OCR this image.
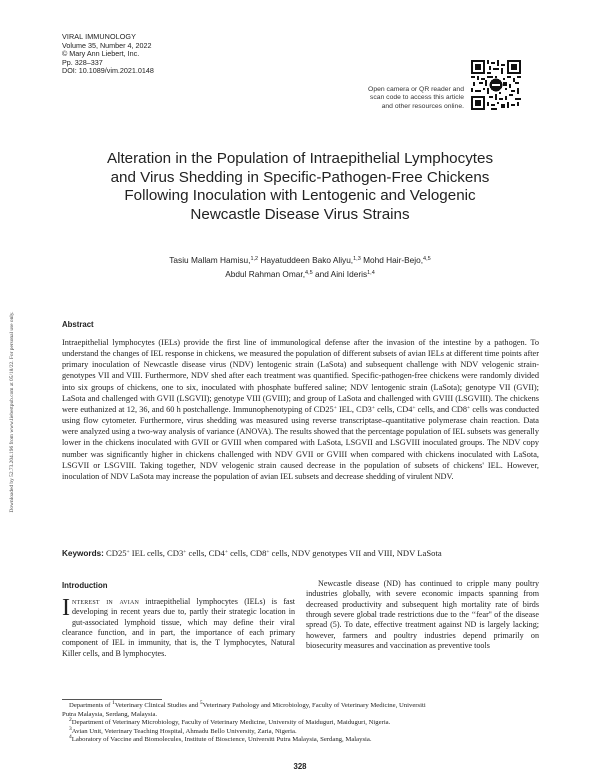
VIRAL IMMUNOLOGY
Volume 35, Number 4, 2022
© Mary Ann Liebert, Inc.
Pp. 328–337
DOI: 10.1089/vim.2021.0148
Open camera or QR reader and
scan code to access this article
and other resources online.
Downloaded by 52.73.204.196 from www.liebertpub.com at 05/18/22. For personal use only.
Alteration in the Population of Intraepithelial Lymphocytes
and Virus Shedding in Specific-Pathogen-Free Chickens
Following Inoculation with Lentogenic and Velogenic
Newcastle Disease Virus Strains
Tasiu Mallam Hamisu,$^{1,2}$ Hayatuddeen Bako Aliyu,$^{1,3}$ Mohd Hair-Bejo,$^{4,5}$
Abdul Rahman Omar,$^{4,5}$ and Aini Ideris$^{1,4}$
Abstract
Intraepithelial lymphocytes (IELs) provide the first line of immunological defense after the invasion of the intestine by a pathogen. To understand the changes of IEL response in chickens, we measured the population of different subsets of avian IELs at different time points after primary inoculation of Newcastle disease virus (NDV) lentogenic strain (LaSota) and subsequent challenge with NDV velogenic strain- genotypes VII and VIII. Furthermore, NDV shed after each treatment was quantified. Specific-pathogen-free chickens were randomly divided into six groups of chickens, one to six, inoculated with phosphate buffered saline; NDV lentogenic strain (LaSota); genotype VII (GVII); LaSota and challenged with GVII (LSGVII); genotype VIII (GVIII); and group of LaSota and challenged with GVIII (LSGVIII). The chickens were euthanized at 12, 36, and 60 h postchallenge. Immunophenotyping of CD25+ IEL, CD3+ cells, CD4+ cells, and CD8+ cells was conducted using flow cytometer. Furthermore, virus shedding was measured using reverse transcriptase–quantitative polymerase chain reaction. Data were analyzed using a two-way analysis of variance (ANOVA). The results showed that the percentage population of IEL subsets was generally lower in the chickens inoculated with GVII or GVIII when compared with LaSota, LSGVII and LSGVIII inoculated groups. The NDV copy number was significantly higher in chickens challenged with NDV GVII or GVIII when compared with chickens inoculated with LaSota, LSGVII or LSGVIII. Taking together, NDV velogenic strain caused decrease in the population of subsets of chickens' IEL. However, inoculation of NDV LaSota may increase the population of avian IEL subsets and decrease shedding of virulent NDV.
Keywords: CD25+ IEL cells, CD3+ cells, CD4+ cells, CD8+ cells, NDV genotypes VII and VIII, NDV LaSota
Introduction
Interest in avian intraepithelial lymphocytes (IELs) is fast developing in recent years due to, partly their strategic location in gut-associated lymphoid tissue, which may define their viral clearance function, and in part, the importance of each primary component of IEL in immunity, that is, the T lymphocytes, Natural Killer cells, and B lymphocytes.
Newcastle disease (ND) has continued to cripple many poultry industries globally, with severe economic impacts spanning from decreased productivity and subsequent high mortality rate of birds through severe global trade restrictions due to the ‘‘fear'' of the disease spread (5). To date, effective treatment against ND is largely lacking; however, farmers and poultry industries depend primarily on biosecurity measures and vaccination as preventive tools
Departments of $^1$Veterinary Clinical Studies and $^5$Veterinary Pathology and Microbiology, Faculty of Veterinary Medicine, Universiti
Putra Malaysia, Serdang, Malaysia.
$^2$Department of Veterinary Microbiology, Faculty of Veterinary Medicine, University of Maiduguri, Maiduguri, Nigeria.
$^3$Avian Unit, Veterinary Teaching Hospital, Ahmadu Bello University, Zaria, Nigeria.
$^4$Laboratory of Vaccine and Biomolecules, Institute of Bioscience, Universiti Putra Malaysia, Serdang, Malaysia.
328
